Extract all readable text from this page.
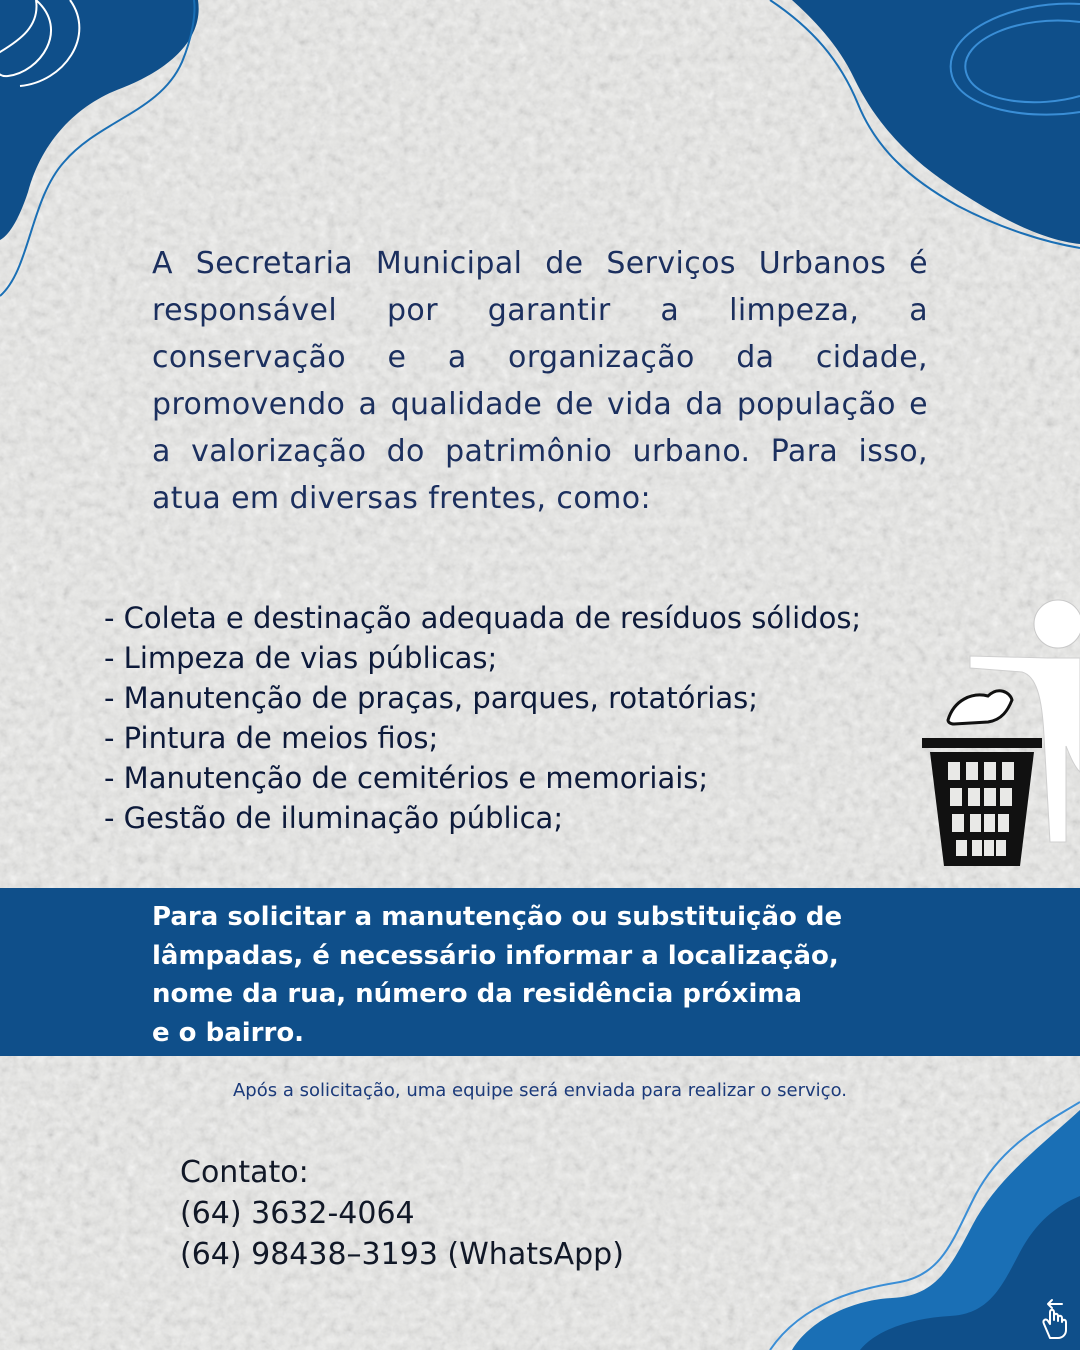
A Secretaria Municipal de Serviços Urbanos é responsável por garantir a limpeza, a conservação e a organização da cidade, promovendo a qualidade de vida da população e a valorização do patrimônio urbano. Para isso, atua em diversas frentes, como:

- Coleta e destinação adequada de resíduos sólidos;
- Limpeza de vias públicas;
- Manutenção de praças, parques, rotatórias;
- Pintura de meios fios;
- Manutenção de cemitérios e memoriais;
- Gestão de iluminação pública;
Para solicitar a manutenção ou substituição de
lâmpadas, é necessário informar a localização,
nome da rua, número da residência próxima
e o bairro.

Após a solicitação, uma equipe será enviada para realizar o serviço.

Contato:
(64) 3632-4064
(64) 98438–3193 (WhatsApp)
